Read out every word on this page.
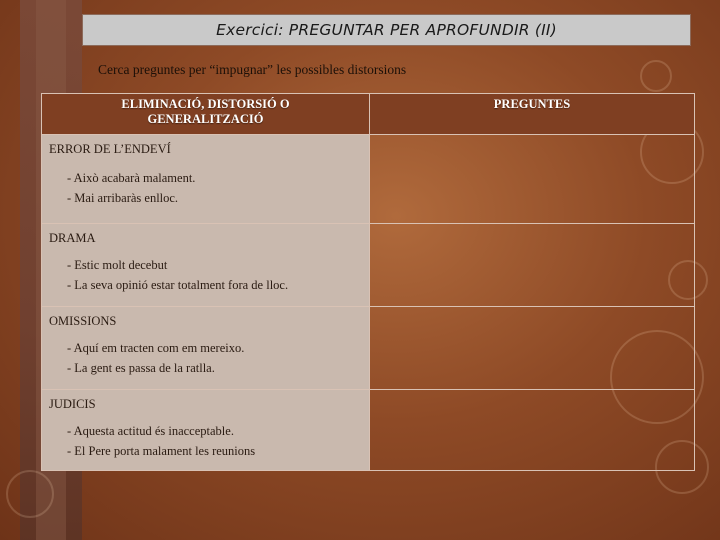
Exercici: PREGUNTAR PER APROFUNDIR (II)
Cerca preguntes per “impugnar” les possibles distorsions
ELIMINACIÓ, DISTORSIÓ O
GENERALITZACIÓ	PREGUNTES

ERROR DE L’ENDEVÍ
- Això acabarà malament.
- Mai arribaràs enlloc.	

DRAMA
- Estic molt decebut
- La seva opinió estar totalment fora de lloc.	

OMISSIONS
- Aquí em tracten com em mereixo.
- La gent es passa de la ratlla.	

JUDICIS
- Aquesta actitud és inacceptable.
- El Pere porta malament les reunions	
